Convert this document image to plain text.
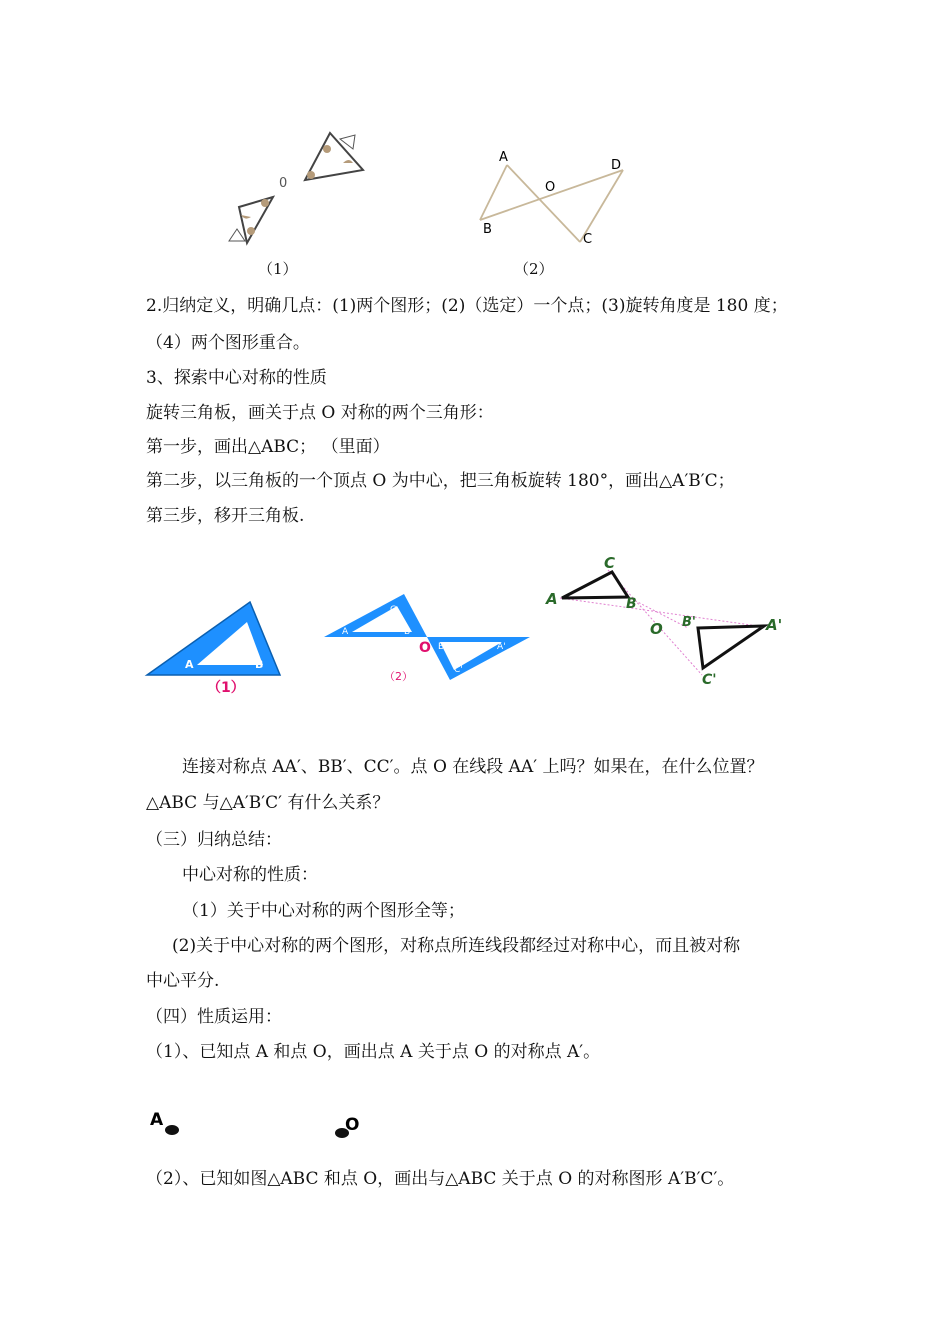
0
A
B
C
D
O
（1）	（2）
2.归纳定义，明确几点：(1)两个图形；(2)（选定）一个点；(3)旋转角度是 180 度；
（4）两个图形重合。
3、探索中心对称的性质
旋转三角板，画关于点 O 对称的两个三角形：
第一步，画出△ABC； （里面）
第二步，以三角板的一个顶点 O 为中心，把三角板旋转 180°，画出△A′B′C；
第三步，移开三角板.
A	B
C
（1）
A	B
C
O B'	A'
C'
（2）
A
C
B
O B'	A'
C'
连接对称点 AA′、BB′、CC′。点 O 在线段 AA′ 上吗？如果在，在什么位置？
△ABC 与△A′B′C′ 有什么关系？
（三）归纳总结：
中心对称的性质：
（1）关于中心对称的两个图形全等；
(2)关于中心对称的两个图形，对称点所连线段都经过对称中心，而且被对称
中心平分.
（四）性质运用：
（1）、已知点 A 和点 O，画出点 A 关于点 O 的对称点 A′。
A	O
（2）、已知如图△ABC 和点 O，画出与△ABC 关于点 O 的对称图形 A′B′C′。
